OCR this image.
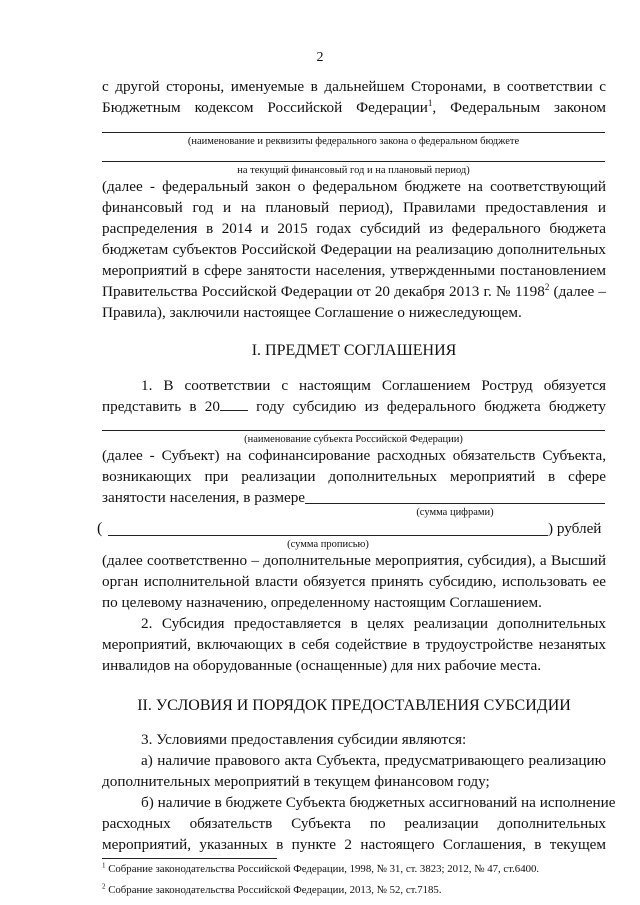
2
с другой стороны, именуемые в дальнейшем Сторонами, в соответствии с
Бюджетным кодексом Российской Федерации$^1$, Федеральным законом
(наименование и реквизиты федерального закона о федеральном бюджете
на текущий финансовый год и на плановый период)
(далее - федеральный закон о федеральном бюджете на соответствующий
финансовый год и на плановый период), Правилами предоставления и
распределения в 2014 и 2015 годах субсидий из федерального бюджета
бюджетам субъектов Российской Федерации на реализацию дополнительных
мероприятий в сфере занятости населения, утвержденными постановлением
Правительства Российской Федерации от 20 декабря 2013 г. № 1198$^2$ (далее –
Правила), заключили настоящее Соглашение о нижеследующем.
I. ПРЕДМЕТ СОГЛАШЕНИЯ
1. В соответствии с настоящим Соглашением Роструд обязуется
представить в 20 году субсидию из федерального бюджета бюджету
(наименование субъекта Российской Федерации)
(далее - Субъект) на софинансирование расходных обязательств Субъекта,
возникающих при реализации дополнительных мероприятий в сфере
занятости населения, в размере
(сумма цифрами)
(	) рублей
(сумма прописью)
(далее соответственно – дополнительные мероприятия, субсидия), а Высший
орган исполнительной власти обязуется принять субсидию, использовать ее
по целевому назначению, определенному настоящим Соглашением.
2. Субсидия предоставляется в целях реализации дополнительных
мероприятий, включающих в себя содействие в трудоустройстве незанятых
инвалидов на оборудованные (оснащенные) для них рабочие места.
II. УСЛОВИЯ И ПОРЯДОК ПРЕДОСТАВЛЕНИЯ СУБСИДИИ
3. Условиями предоставления субсидии являются:
а) наличие правового акта Субъекта, предусматривающего реализацию
дополнительных мероприятий в текущем финансовом году;
б) наличие в бюджете Субъекта бюджетных ассигнований на исполнение
расходных обязательств Субъекта по реализации дополнительных
мероприятий, указанных в пункте 2 настоящего Соглашения, в текущем
$^1$ Собрание законодательства Российской Федерации, 1998, № 31, ст. 3823; 2012, № 47, ст.6400.
$^2$ Собрание законодательства Российской Федерации, 2013, № 52, ст.7185.
